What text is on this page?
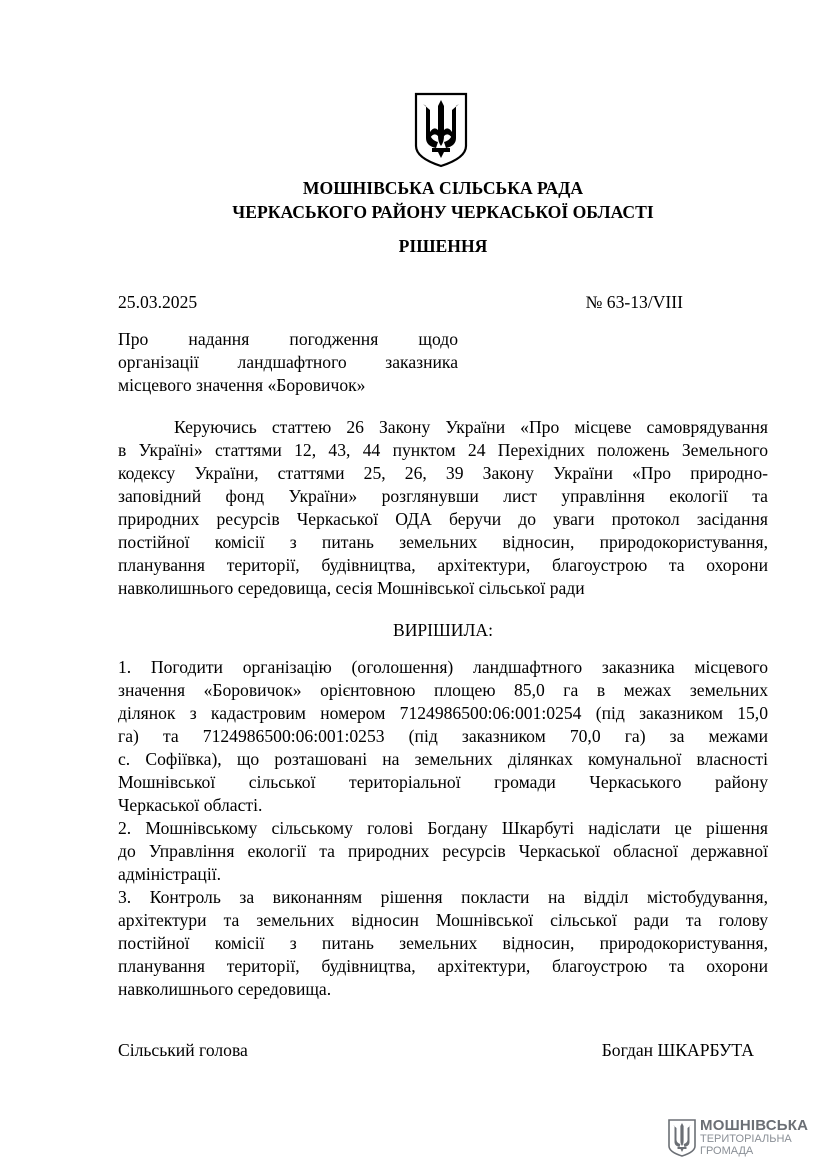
МОШНІВСЬКА СІЛЬСЬКА РАДА
ЧЕРКАСЬКОГО РАЙОНУ ЧЕРКАСЬКОЇ ОБЛАСТІ
РІШЕННЯ
25.03.2025	№ 63-13/VIII
Про надання погодження щодо
організації ландшафтного заказника
місцевого значення «Боровичок»
Керуючись статтею 26 Закону України «Про місцеве самоврядування
в Україні» статтями 12, 43, 44 пунктом 24 Перехідних положень Земельного
кодексу України, статтями 25, 26, 39 Закону України «Про природно-
заповідний фонд України» розглянувши лист управління екології та
природних ресурсів Черкаської ОДА беручи до уваги протокол засідання
постійної комісії з питань земельних відносин, природокористування,
планування території, будівництва, архітектури, благоустрою та охорони
навколишнього середовища, сесія Мошнівської сільської ради
ВИРІШИЛА:
1. Погодити організацію (оголошення) ландшафтного заказника місцевого
значення «Боровичок» орієнтовною площею 85,0 га в межах земельних
ділянок з кадастровим номером 7124986500:06:001:0254 (під заказником 15,0
га) та 7124986500:06:001:0253 (під заказником 70,0 га) за межами
с. Софіївка), що розташовані на земельних ділянках комунальної власності
Мошнівської сільської територіальної громади Черкаського району
Черкаської області.
2. Мошнівському сільському голові Богдану Шкарбуті надіслати це рішення
до Управління екології та природних ресурсів Черкаської обласної державної
адміністрації.
3. Контроль за виконанням рішення покласти на відділ містобудування,
архітектури та земельних відносин Мошнівської сільської ради та голову
постійної комісії з питань земельних відносин, природокористування,
планування території, будівництва, архітектури, благоустрою та охорони
навколишнього середовища.
Сільський голова	Богдан ШКАРБУТА
МОШНІВСЬКА
ТЕРИТОРІАЛЬНА
ГРОМАДА
